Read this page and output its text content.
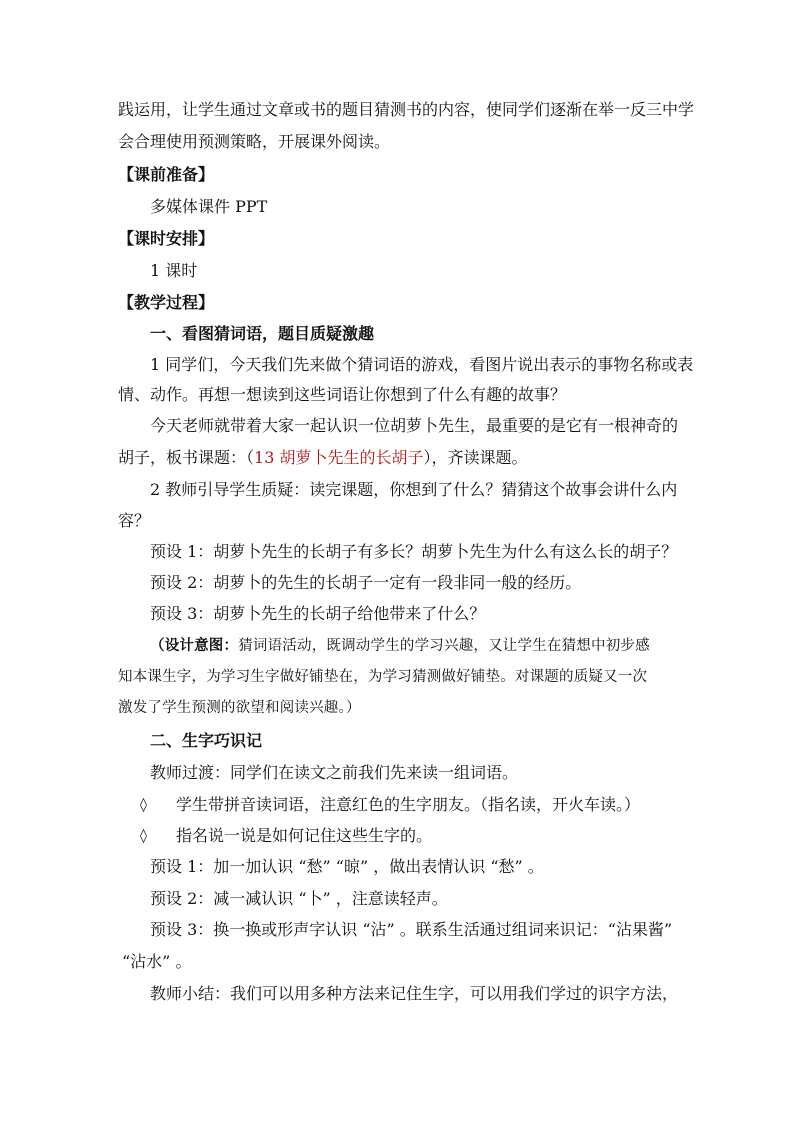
践运用，让学生通过文章或书的题目猜测书的内容，使同学们逐渐在举一反三中学
会合理使用预测策略，开展课外阅读。
【课前准备】
多媒体课件 PPT
【课时安排】
1 课时
【教学过程】
一、看图猜词语，题目质疑激趣
1 同学们，今天我们先来做个猜词语的游戏，看图片说出表示的事物名称或表
情、动作。再想一想读到这些词语让你想到了什么有趣的故事？
今天老师就带着大家一起认识一位胡萝卜先生，最重要的是它有一根神奇的
胡子，板书课题：（13 胡萝卜先生的长胡子），齐读课题。
2 教师引导学生质疑：读完课题，你想到了什么？猜猜这个故事会讲什么内
容？
预设 1：胡萝卜先生的长胡子有多长？胡萝卜先生为什么有这么长的胡子？
预设 2：胡萝卜的先生的长胡子一定有一段非同一般的经历。
预设 3：胡萝卜先生的长胡子给他带来了什么？
（设计意图：猜词语活动，既调动学生的学习兴趣，又让学生在猜想中初步感
知本课生字，为学习生字做好铺垫在，为学习猜测做好铺垫。对课题的质疑又一次
激发了学生预测的欲望和阅读兴趣。）
二、生字巧识记
教师过渡：同学们在读文之前我们先来读一组词语。
◊ 学生带拼音读词语，注意红色的生字朋友。（指名读，开火车读。）
◊ 指名说一说是如何记住这些生字的。
预设 1：加一加认识 “愁” “晾” ，做出表情认识 “愁” 。
预设 2：减一减认识 “卜” ，注意读轻声。
预设 3：换一换或形声字认识 “沾” 。联系生活通过组词来识记：“沾果酱”
“沾水” 。
教师小结：我们可以用多种方法来记住生字，可以用我们学过的识字方法，
